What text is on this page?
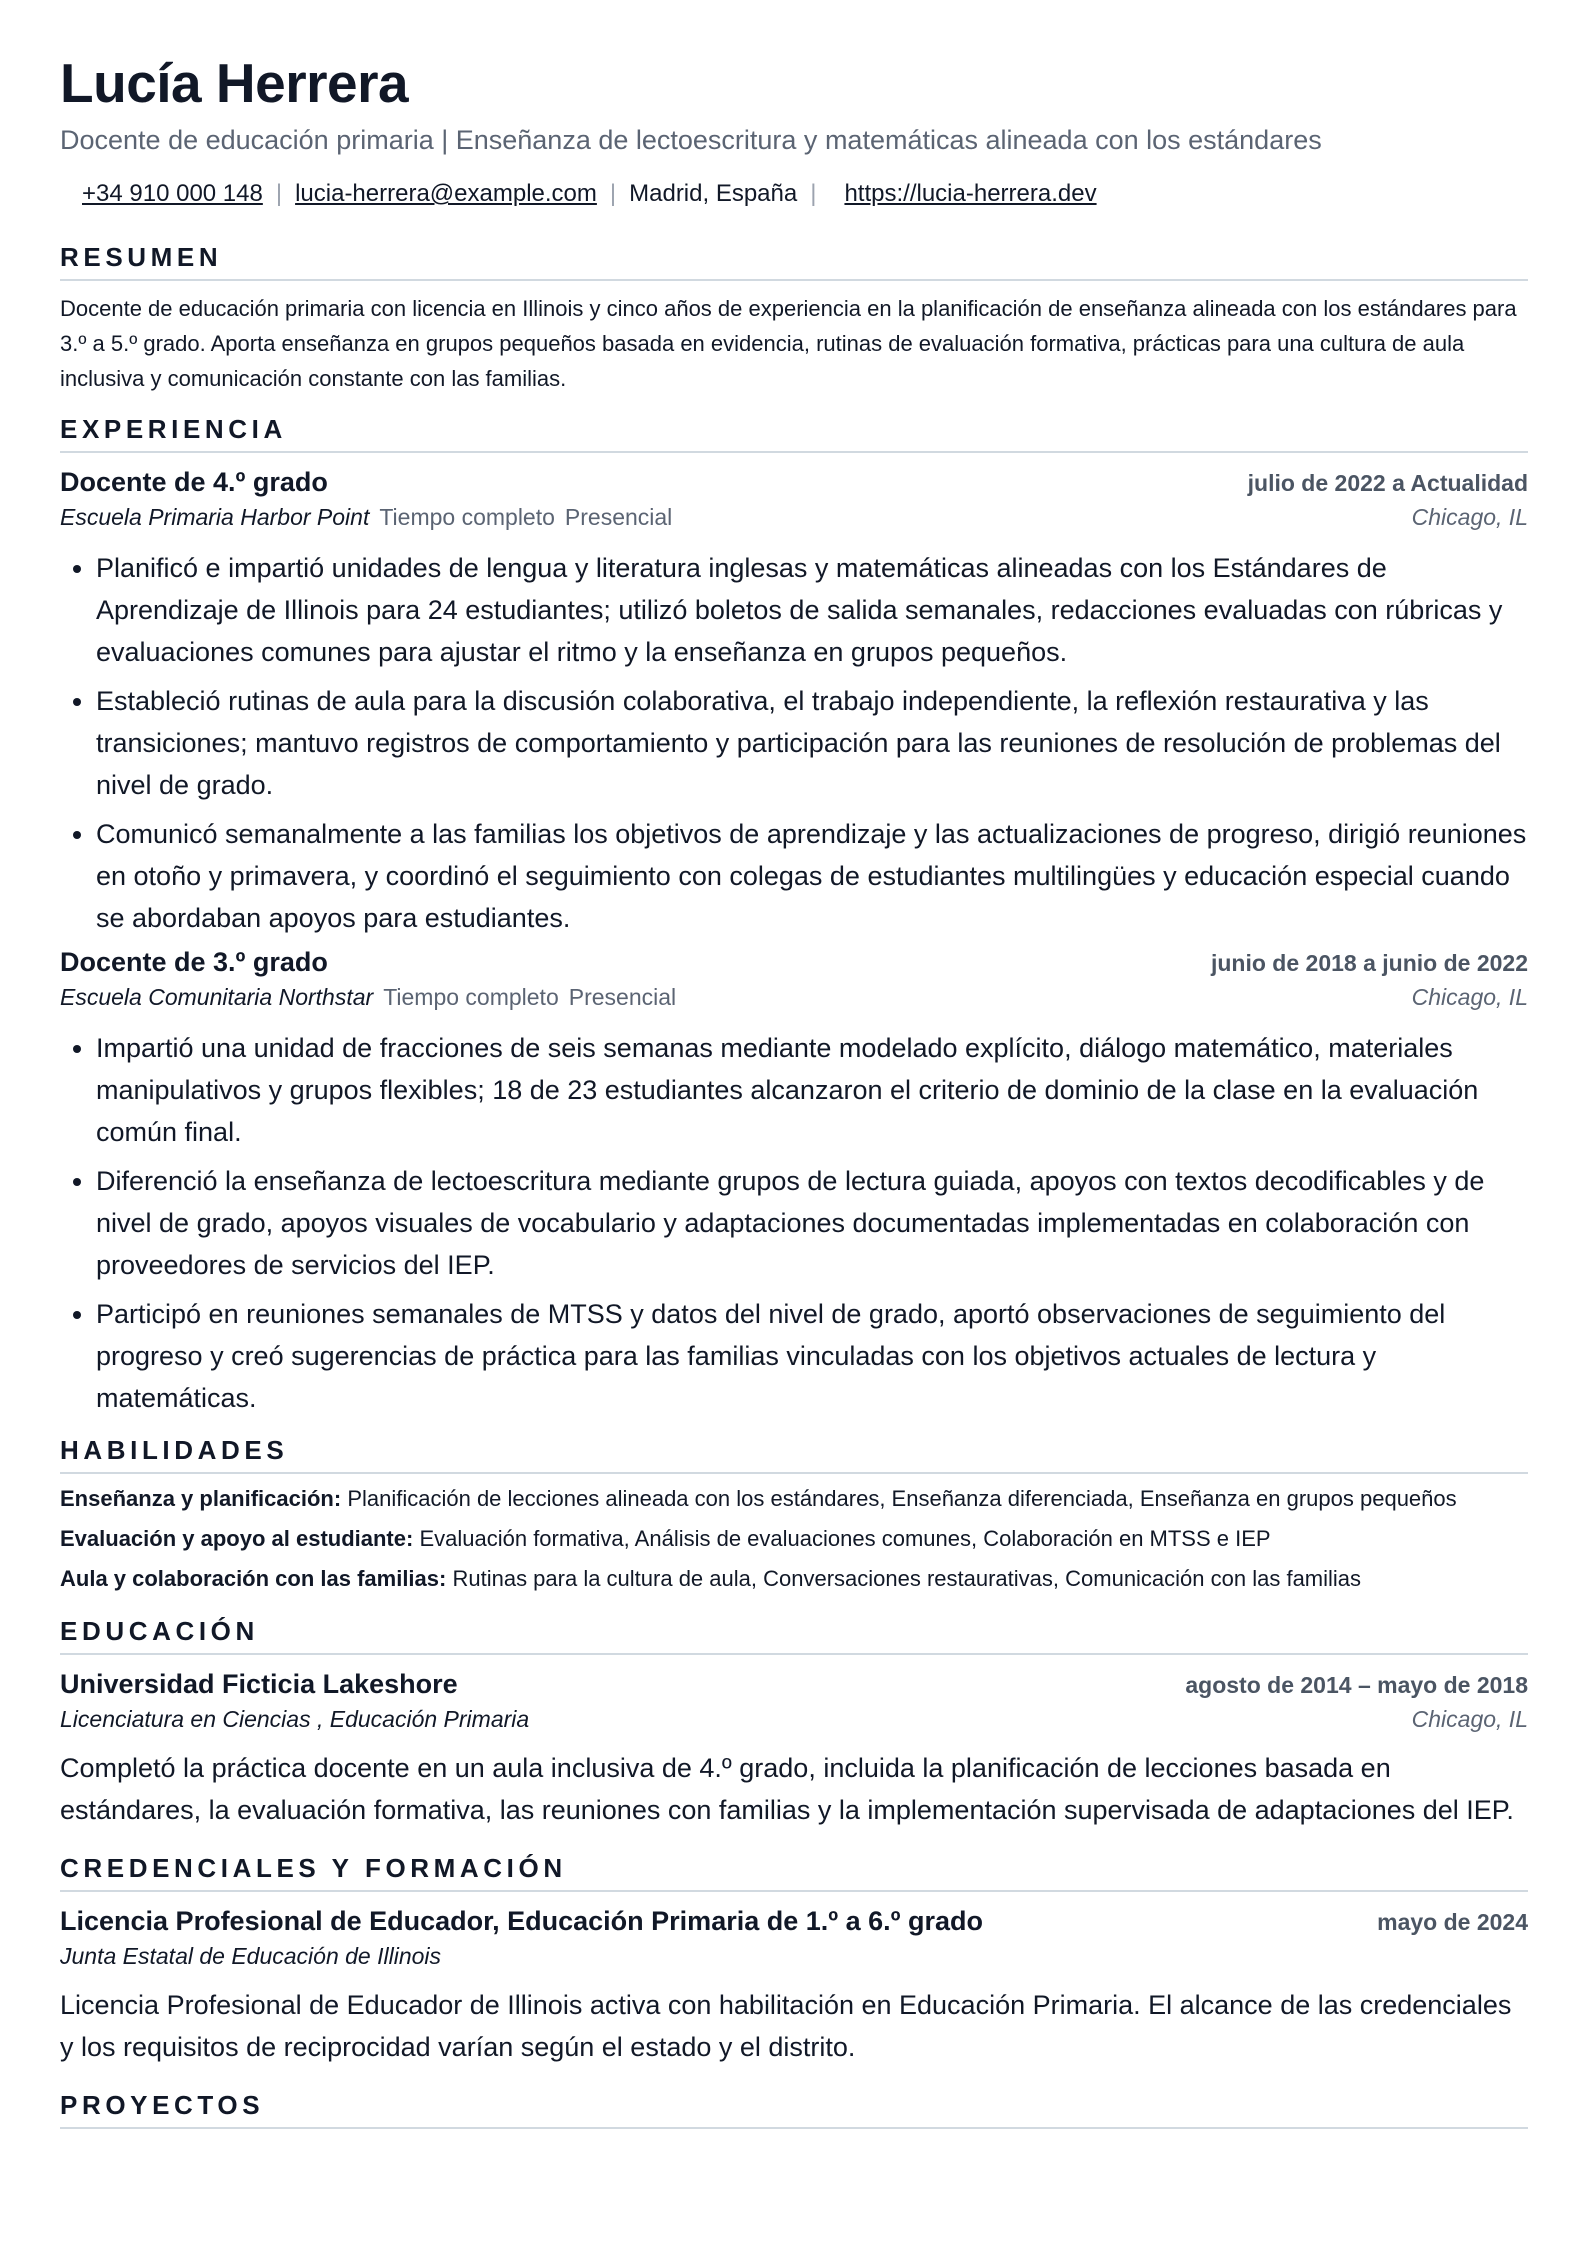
Lucía Herrera
Docente de educación primaria | Enseñanza de lectoescritura y matemáticas alineada con los estándares
+34 910 000 148 | lucia-herrera@example.com | Madrid, España | https://lucia-herrera.dev
RESUMEN
Docente de educación primaria con licencia en Illinois y cinco años de experiencia en la planificación de enseñanza alineada con los estándares para 3.º a 5.º grado. Aporta enseñanza en grupos pequeños basada en evidencia, rutinas de evaluación formativa, prácticas para una cultura de aula inclusiva y comunicación constante con las familias.
EXPERIENCIA
Docente de 4.º grado	julio de 2022 a Actualidad
Escuela Primaria Harbor Point Tiempo completo Presencial	Chicago, IL
• Planificó e impartió unidades de lengua y literatura inglesas y matemáticas alineadas con los Estándares de Aprendizaje de Illinois para 24 estudiantes; utilizó boletos de salida semanales, redacciones evaluadas con rúbricas y evaluaciones comunes para ajustar el ritmo y la enseñanza en grupos pequeños.
• Estableció rutinas de aula para la discusión colaborativa, el trabajo independiente, la reflexión restaurativa y las transiciones; mantuvo registros de comportamiento y participación para las reuniones de resolución de problemas del nivel de grado.
• Comunicó semanalmente a las familias los objetivos de aprendizaje y las actualizaciones de progreso, dirigió reuniones en otoño y primavera, y coordinó el seguimiento con colegas de estudiantes multilingües y educación especial cuando se abordaban apoyos para estudiantes.
Docente de 3.º grado	junio de 2018 a junio de 2022
Escuela Comunitaria Northstar Tiempo completo Presencial	Chicago, IL
• Impartió una unidad de fracciones de seis semanas mediante modelado explícito, diálogo matemático, materiales manipulativos y grupos flexibles; 18 de 23 estudiantes alcanzaron el criterio de dominio de la clase en la evaluación común final.
• Diferenció la enseñanza de lectoescritura mediante grupos de lectura guiada, apoyos con textos decodificables y de nivel de grado, apoyos visuales de vocabulario y adaptaciones documentadas implementadas en colaboración con proveedores de servicios del IEP.
• Participó en reuniones semanales de MTSS y datos del nivel de grado, aportó observaciones de seguimiento del progreso y creó sugerencias de práctica para las familias vinculadas con los objetivos actuales de lectura y matemáticas.
HABILIDADES
Enseñanza y planificación: Planificación de lecciones alineada con los estándares, Enseñanza diferenciada, Enseñanza en grupos pequeños
Evaluación y apoyo al estudiante: Evaluación formativa, Análisis de evaluaciones comunes, Colaboración en MTSS e IEP
Aula y colaboración con las familias: Rutinas para la cultura de aula, Conversaciones restaurativas, Comunicación con las familias
EDUCACIÓN
Universidad Ficticia Lakeshore	agosto de 2014 – mayo de 2018
Licenciatura en Ciencias , Educación Primaria	Chicago, IL
Completó la práctica docente en un aula inclusiva de 4.º grado, incluida la planificación de lecciones basada en estándares, la evaluación formativa, las reuniones con familias y la implementación supervisada de adaptaciones del IEP.
CREDENCIALES Y FORMACIÓN
Licencia Profesional de Educador, Educación Primaria de 1.º a 6.º grado	mayo de 2024
Junta Estatal de Educación de Illinois
Licencia Profesional de Educador de Illinois activa con habilitación en Educación Primaria. El alcance de las credenciales y los requisitos de reciprocidad varían según el estado y el distrito.
PROYECTOS
